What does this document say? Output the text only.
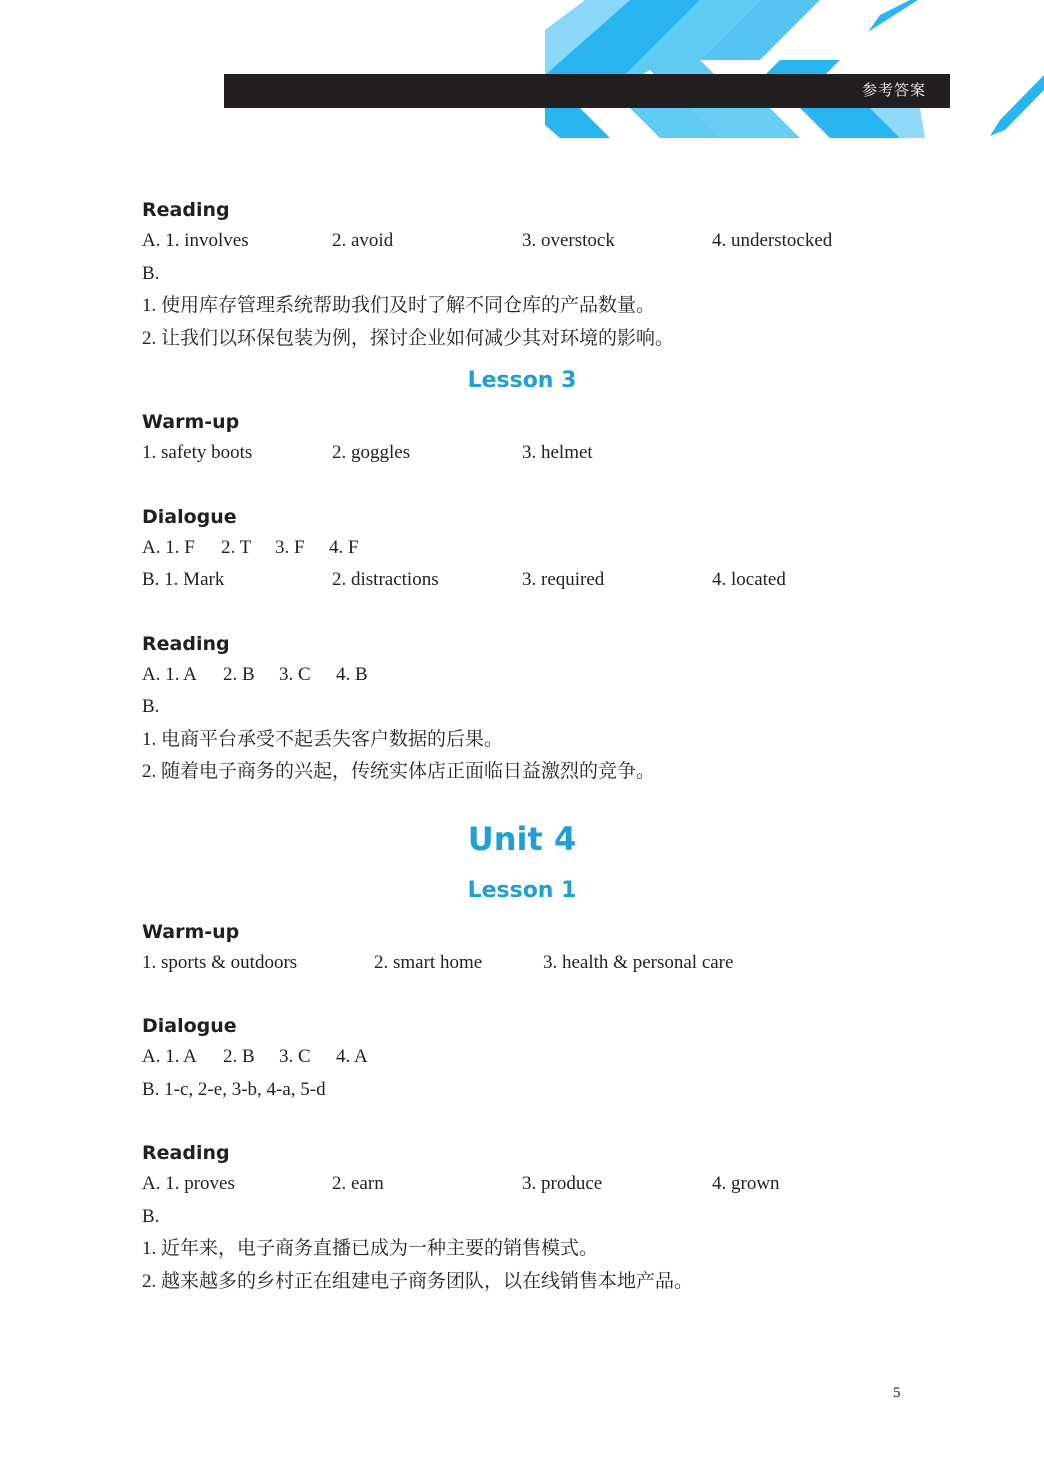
参考答案
Reading
A. 1. involves	2. avoid	3. overstock	4. understocked
B.
1. 使用库存管理系统帮助我们及时了解不同仓库的产品数量。
2. 让我们以环保包装为例，探讨企业如何减少其对环境的影响。
Lesson 3
Warm-up
1. safety boots	2. goggles	3. helmet
Dialogue
A. 1. F 2. T 3. F 4. F
B. 1. Mark	2. distractions	3. required	4. located
Reading
A. 1. A 2. B 3. C 4. B
B.
1. 电商平台承受不起丢失客户数据的后果。
2. 随着电子商务的兴起，传统实体店正面临日益激烈的竞争。
Unit 4
Lesson 1
Warm-up
1. sports & outdoors	2. smart home	3. health & personal care
Dialogue
A. 1. A 2. B 3. C 4. A
B. 1-c, 2-e, 3-b, 4-a, 5-d
Reading
A. 1. proves	2. earn	3. produce	4. grown
B.
1. 近年来，电子商务直播已成为一种主要的销售模式。
2. 越来越多的乡村正在组建电子商务团队，以在线销售本地产品。
5
